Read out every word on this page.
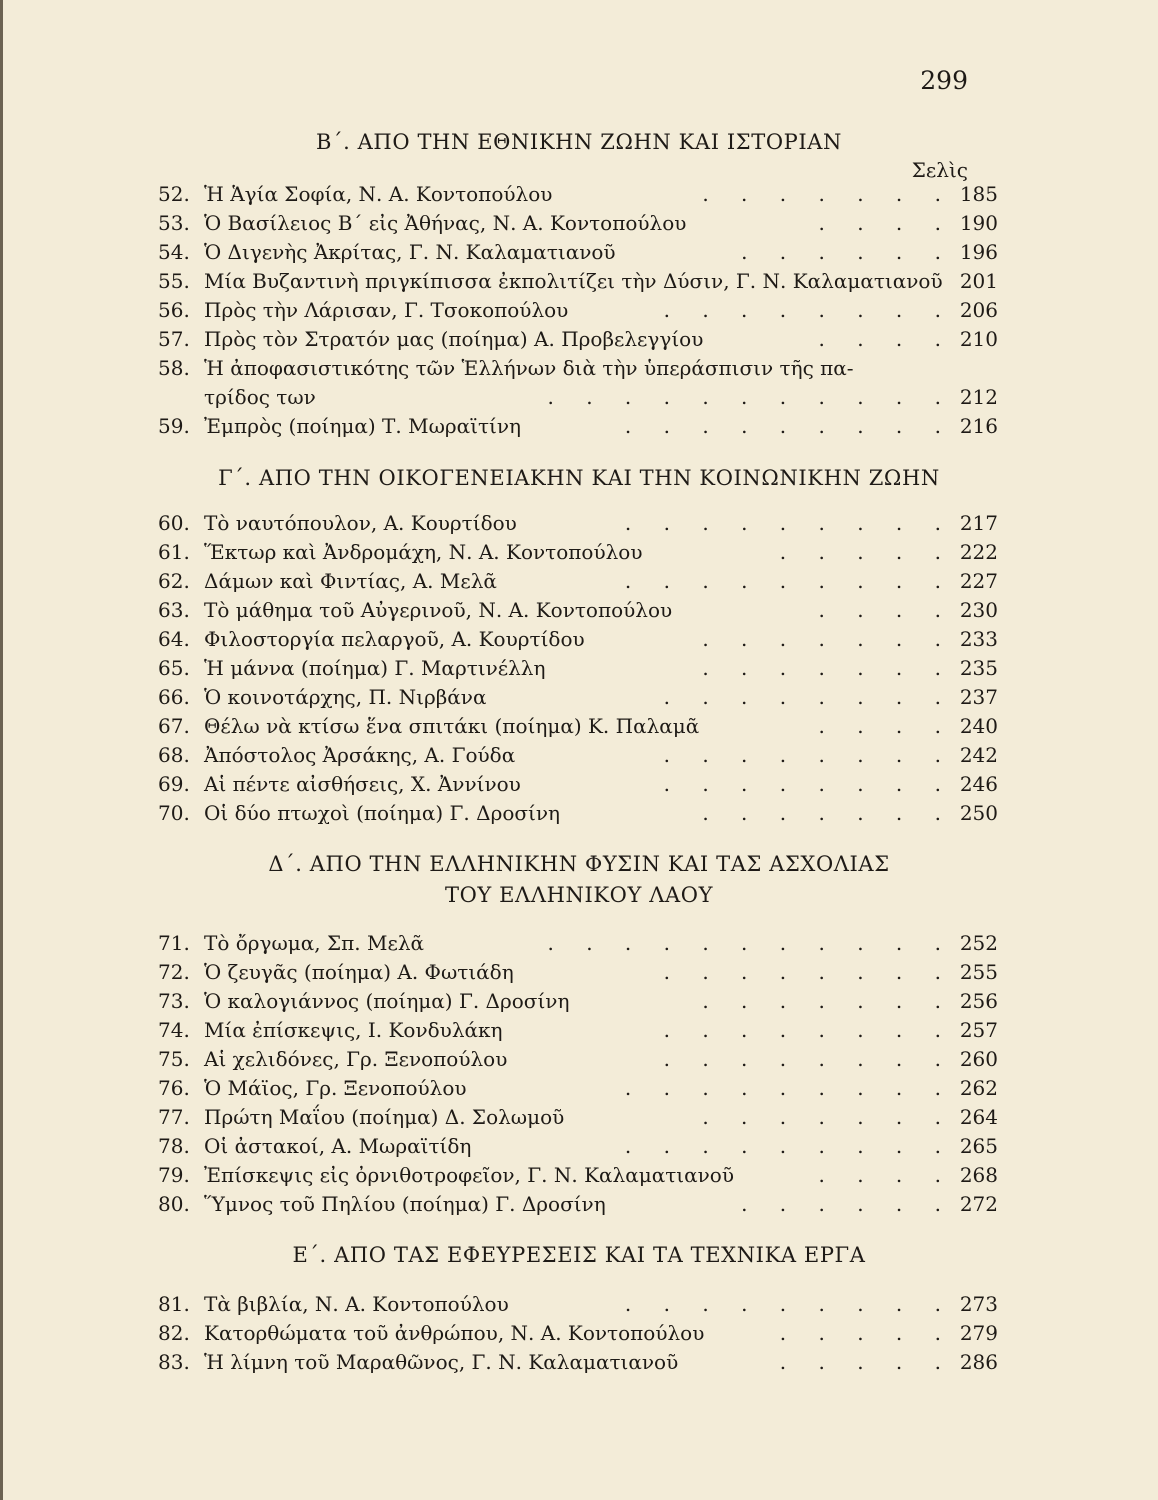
299
Β΄. ΑΠΟ ΤΗΝ ΕΘΝΙΚΗΝ ΖΩΗΝ ΚΑΙ ΙΣΤΟΡΙΑΝ
Σελὶς
52. Ἡ Ἁγία Σοφία, Ν. Α. Κοντοπούλου	. . . . . . . 185
53. Ὁ Βασίλειος Β΄ εἰς Ἀθήνας, Ν. Α. Κοντοπούλου	. . . . 190
54. Ὁ Διγενὴς Ἀκρίτας, Γ. Ν. Καλαματιανοῦ	. . . . . . 196
55. Μία Βυζαντινὴ πριγκίπισσα ἐκπολιτίζει τὴν Δύσιν, Γ. Ν. Καλαματιανοῦ 201
56. Πρὸς τὴν Λάρισαν, Γ. Τσοκοπούλου	. . . . . . . . 206
57. Πρὸς τὸν Στρατόν μας (ποίημα) Α. Προβελεγγίου	. . . . 210
58. Ἡ ἀποφασιστικότης τῶν Ἑλλήνων διὰ τὴν ὑπεράσπισιν τῆς πα-
τρίδος των	. . . . . . . . . . . 212
59. Ἐμπρὸς (ποίημα) Τ. Μωραϊτίνη	. . . . . . . . . 216
Γ΄. ΑΠΟ ΤΗΝ ΟΙΚΟΓΕΝΕΙΑΚΗΝ ΚΑΙ ΤΗΝ ΚΟΙΝΩΝΙΚΗΝ ΖΩΗΝ
60. Τὸ ναυτόπουλον, Α. Κουρτίδου	. . . . . . . . . 217
61. Ἕκτωρ καὶ Ἀνδρομάχη, Ν. Α. Κοντοπούλου	. . . . . 222
62. Δάμων καὶ Φιντίας, Α. Μελᾶ	. . . . . . . . . 227
63. Τὸ μάθημα τοῦ Αὐγερινοῦ, Ν. Α. Κοντοπούλου	. . . . 230
64. Φιλοστοργία πελαργοῦ, Α. Κουρτίδου	. . . . . . . 233
65. Ἡ μάννα (ποίημα) Γ. Μαρτινέλλη	. . . . . . . 235
66. Ὁ κοινοτάρχης, Π. Νιρβάνα	. . . . . . . . 237
67. Θέλω νὰ κτίσω ἕνα σπιτάκι (ποίημα) Κ. Παλαμᾶ	. . . . 240
68. Ἀπόστολος Ἀρσάκης, Α. Γούδα	. . . . . . . . 242
69. Αἱ πέντε αἰσθήσεις, Χ. Ἀννίνου	. . . . . . . . 246
70. Οἱ δύο πτωχοὶ (ποίημα) Γ. Δροσίνη	. . . . . . . 250
Δ΄. ΑΠΟ ΤΗΝ ΕΛΛΗΝΙΚΗΝ ΦΥΣΙΝ ΚΑΙ ΤΑΣ ΑΣΧΟΛΙΑΣ
ΤΟΥ ΕΛΛΗΝΙΚΟΥ ΛΑΟΥ
71. Τὸ ὄργωμα, Σπ. Μελᾶ	. . . . . . . . . . . 252
72. Ὁ ζευγᾶς (ποίημα) Α. Φωτιάδη	. . . . . . . . 255
73. Ὁ καλογιάννος (ποίημα) Γ. Δροσίνη	. . . . . . . 256
74. Μία ἐπίσκεψις, Ι. Κονδυλάκη	. . . . . . . . 257
75. Αἱ χελιδόνες, Γρ. Ξενοπούλου	. . . . . . . . 260
76. Ὁ Μάϊος, Γρ. Ξενοπούλου	. . . . . . . . . 262
77. Πρώτη Μαΐου (ποίημα) Δ. Σολωμοῦ	. . . . . . . 264
78. Οἱ ἀστακοί, Α. Μωραϊτίδη	. . . . . . . . . 265
79. Ἐπίσκεψις εἰς ὀρνιθοτροφεῖον, Γ. Ν. Καλαματιανοῦ	. . . . 268
80. Ὕμνος τοῦ Πηλίου (ποίημα) Γ. Δροσίνη	. . . . . . 272
Ε΄. ΑΠΟ ΤΑΣ ΕΦΕΥΡΕΣΕΙΣ ΚΑΙ ΤΑ ΤΕΧΝΙΚΑ ΕΡΓΑ
81. Τὰ βιβλία, Ν. Α. Κοντοπούλου	. . . . . . . . . 273
82. Κατορθώματα τοῦ ἀνθρώπου, Ν. Α. Κοντοπούλου	. . . . . 279
83. Ἡ λίμνη τοῦ Μαραθῶνος, Γ. Ν. Καλαματιανοῦ	. . . . . 286
